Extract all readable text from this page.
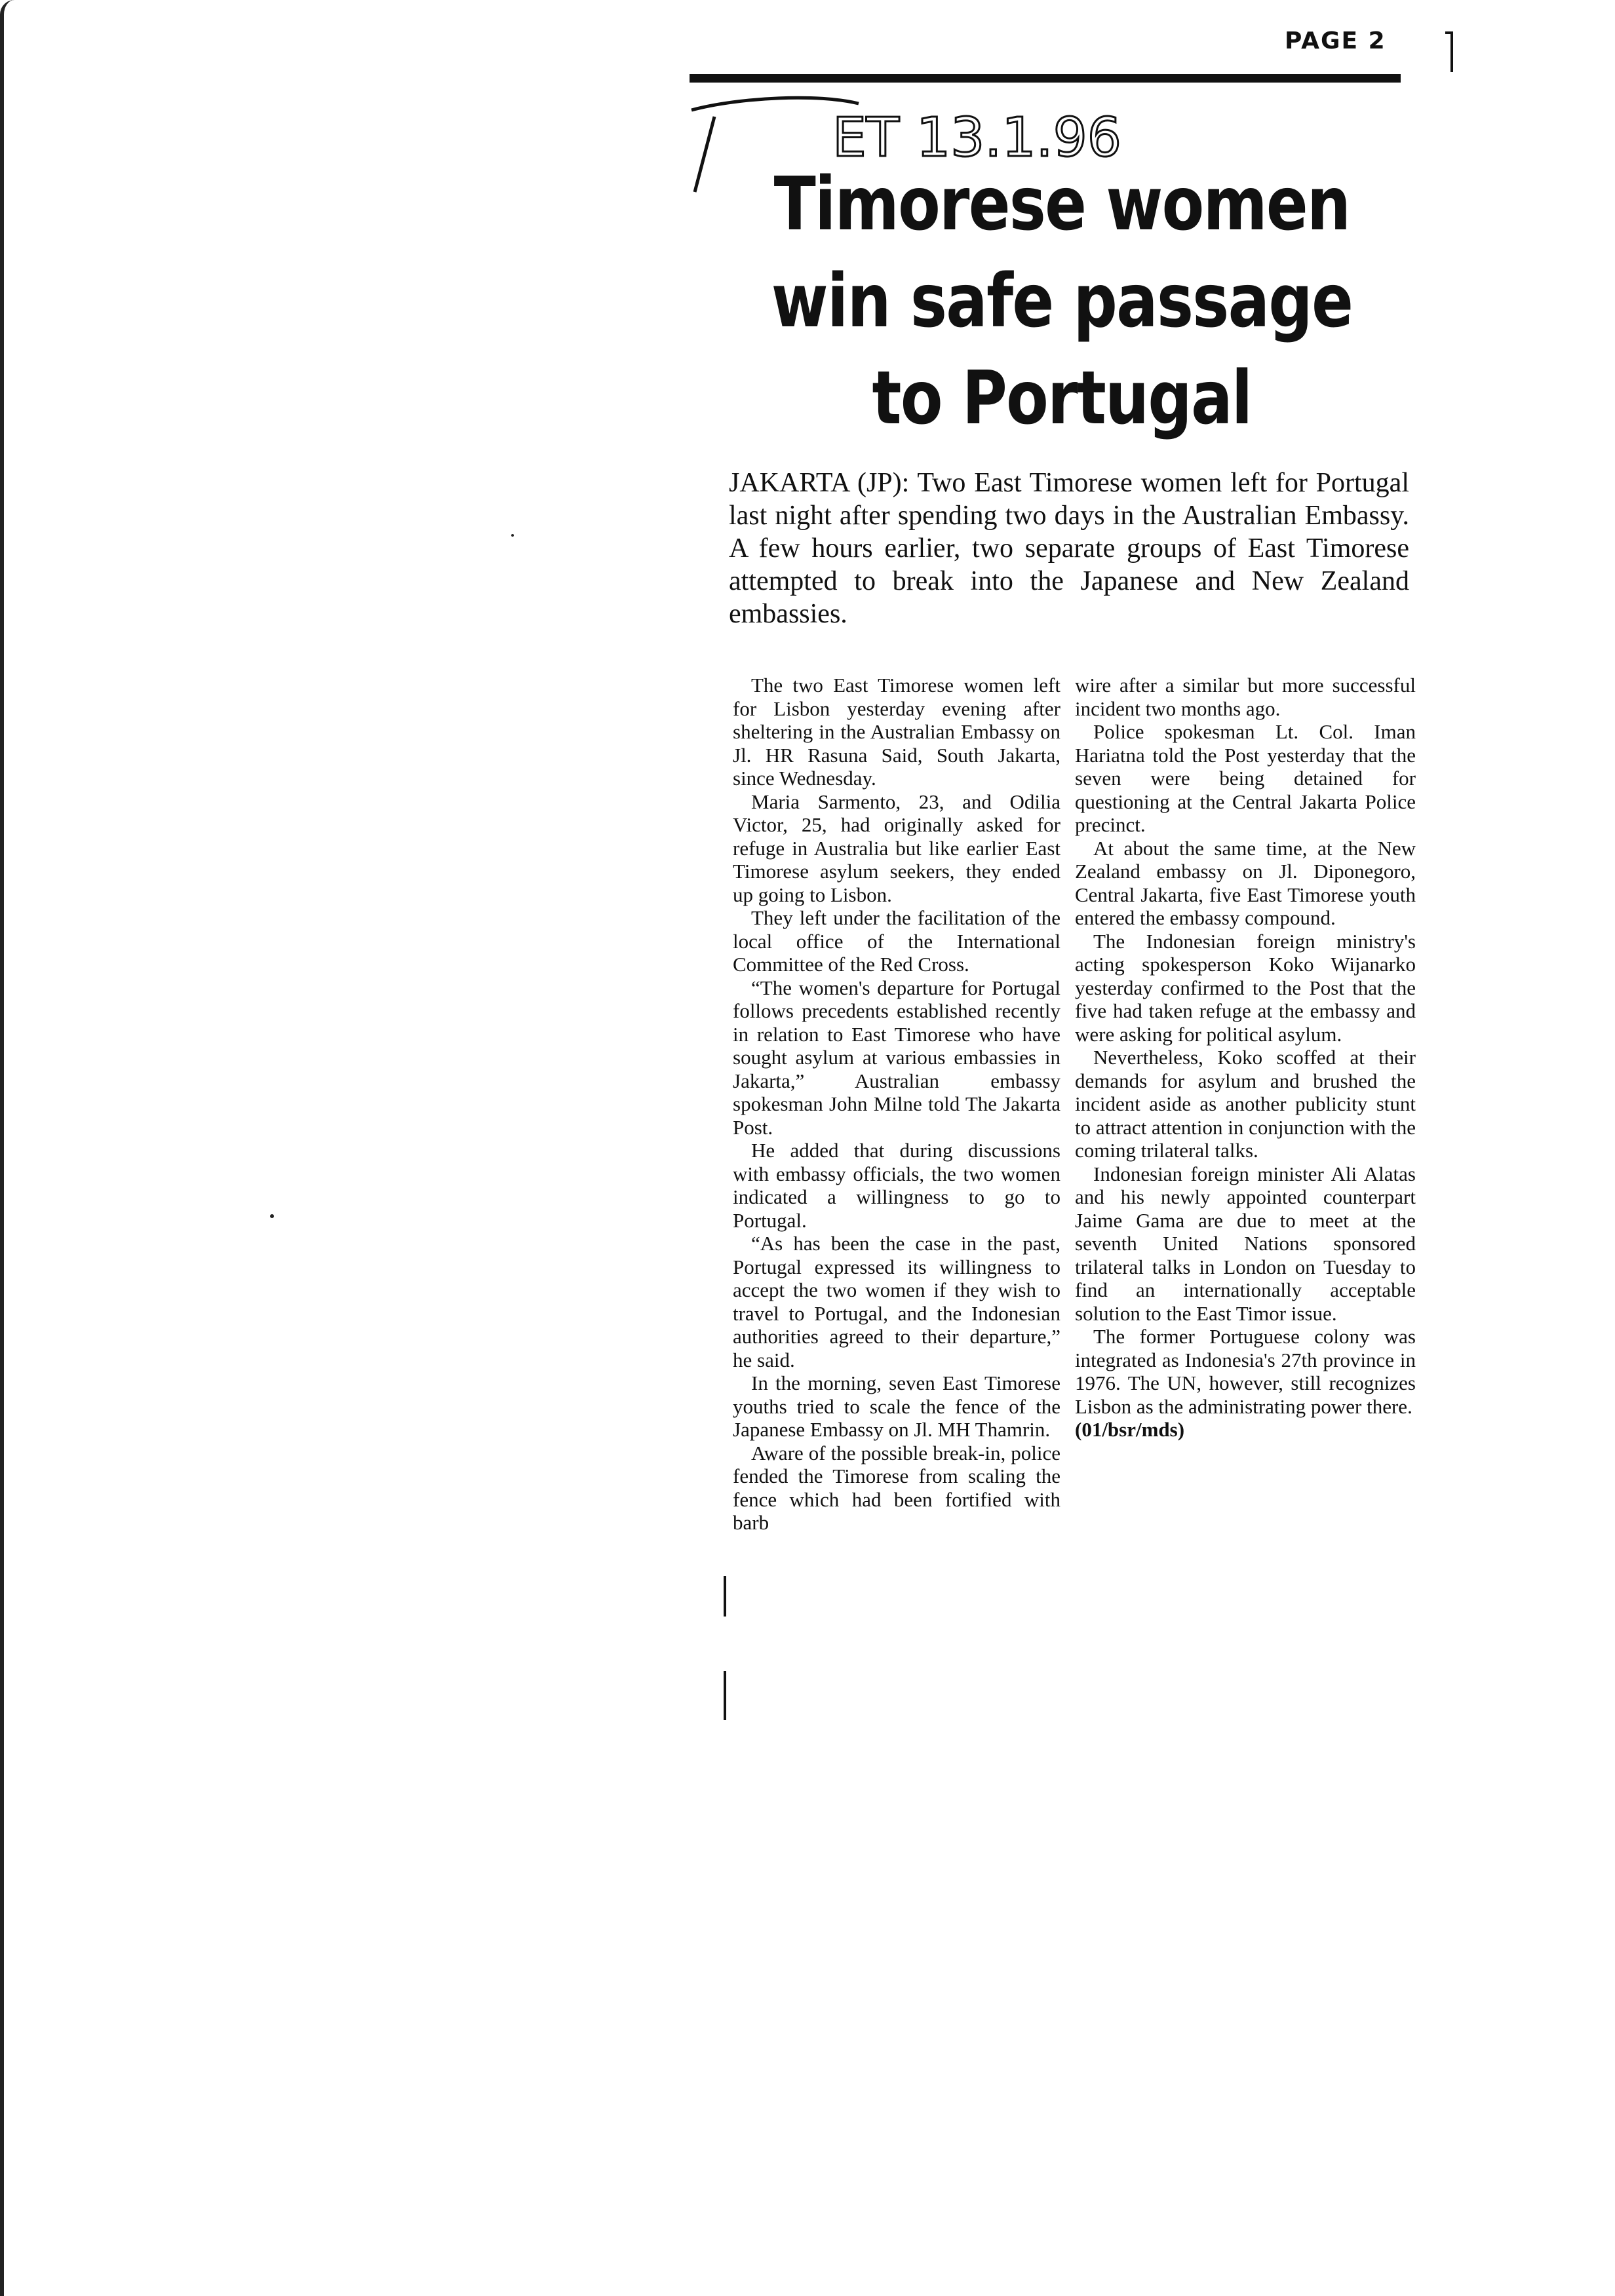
PAGE 2
ET 13.1.96
Timorese women
win safe passage
to Portugal

JAKARTA (JP): Two East Timorese women left for Portugal last night after spending two days in the Australian Embassy. A few hours earlier, two separate groups of East Timorese attempted to break into the Japanese and New Zealand embassies.

The two East Timorese women left for Lisbon yesterday evening after sheltering in the Australian Embassy on Jl. HR Rasuna Said, South Jakarta, since Wednesday.

Maria Sarmento, 23, and Odilia Victor, 25, had originally asked for refuge in Australia but like earlier East Timorese asylum seekers, they ended up going to Lisbon.

They left under the facilitation of the local office of the International Committee of the Red Cross.

“The women's departure for Portugal follows precedents established recently in relation to East Timorese who have sought asylum at various embassies in Jakarta,” Australian embassy spokesman John Milne told The Jakarta Post.

He added that during discussions with embassy officials, the two women indicated a willingness to go to Portugal.

“As has been the case in the past, Portugal expressed its willingness to accept the two women if they wish to travel to Portugal, and the Indonesian authorities agreed to their departure,” he said.

In the morning, seven East Timorese youths tried to scale the fence of the Japanese Embassy on Jl. MH Thamrin.

Aware of the possible break-in, police fended the Timorese from scaling the fence which had been fortified with barb

wire after a similar but more successful incident two months ago.

Police spokesman Lt. Col. Iman Hariatna told the Post yesterday that the seven were being detained for questioning at the Central Jakarta Police precinct.

At about the same time, at the New Zealand embassy on Jl. Diponegoro, Central Jakarta, five East Timorese youth entered the embassy compound.

The Indonesian foreign ministry's acting spokesperson Koko Wijanarko yesterday confirmed to the Post that the five had taken refuge at the embassy and were asking for political asylum.

Nevertheless, Koko scoffed at their demands for asylum and brushed the incident aside as another publicity stunt to attract attention in conjunction with the coming trilateral talks.

Indonesian foreign minister Ali Alatas and his newly appointed counterpart Jaime Gama are due to meet at the seventh United Nations sponsored trilateral talks in London on Tuesday to find an internationally acceptable solution to the East Timor issue.

The former Portuguese colony was integrated as Indonesia's 27th province in 1976. The UN, however, still recognizes Lisbon as the administrating power there.

(01/bsr/mds)
